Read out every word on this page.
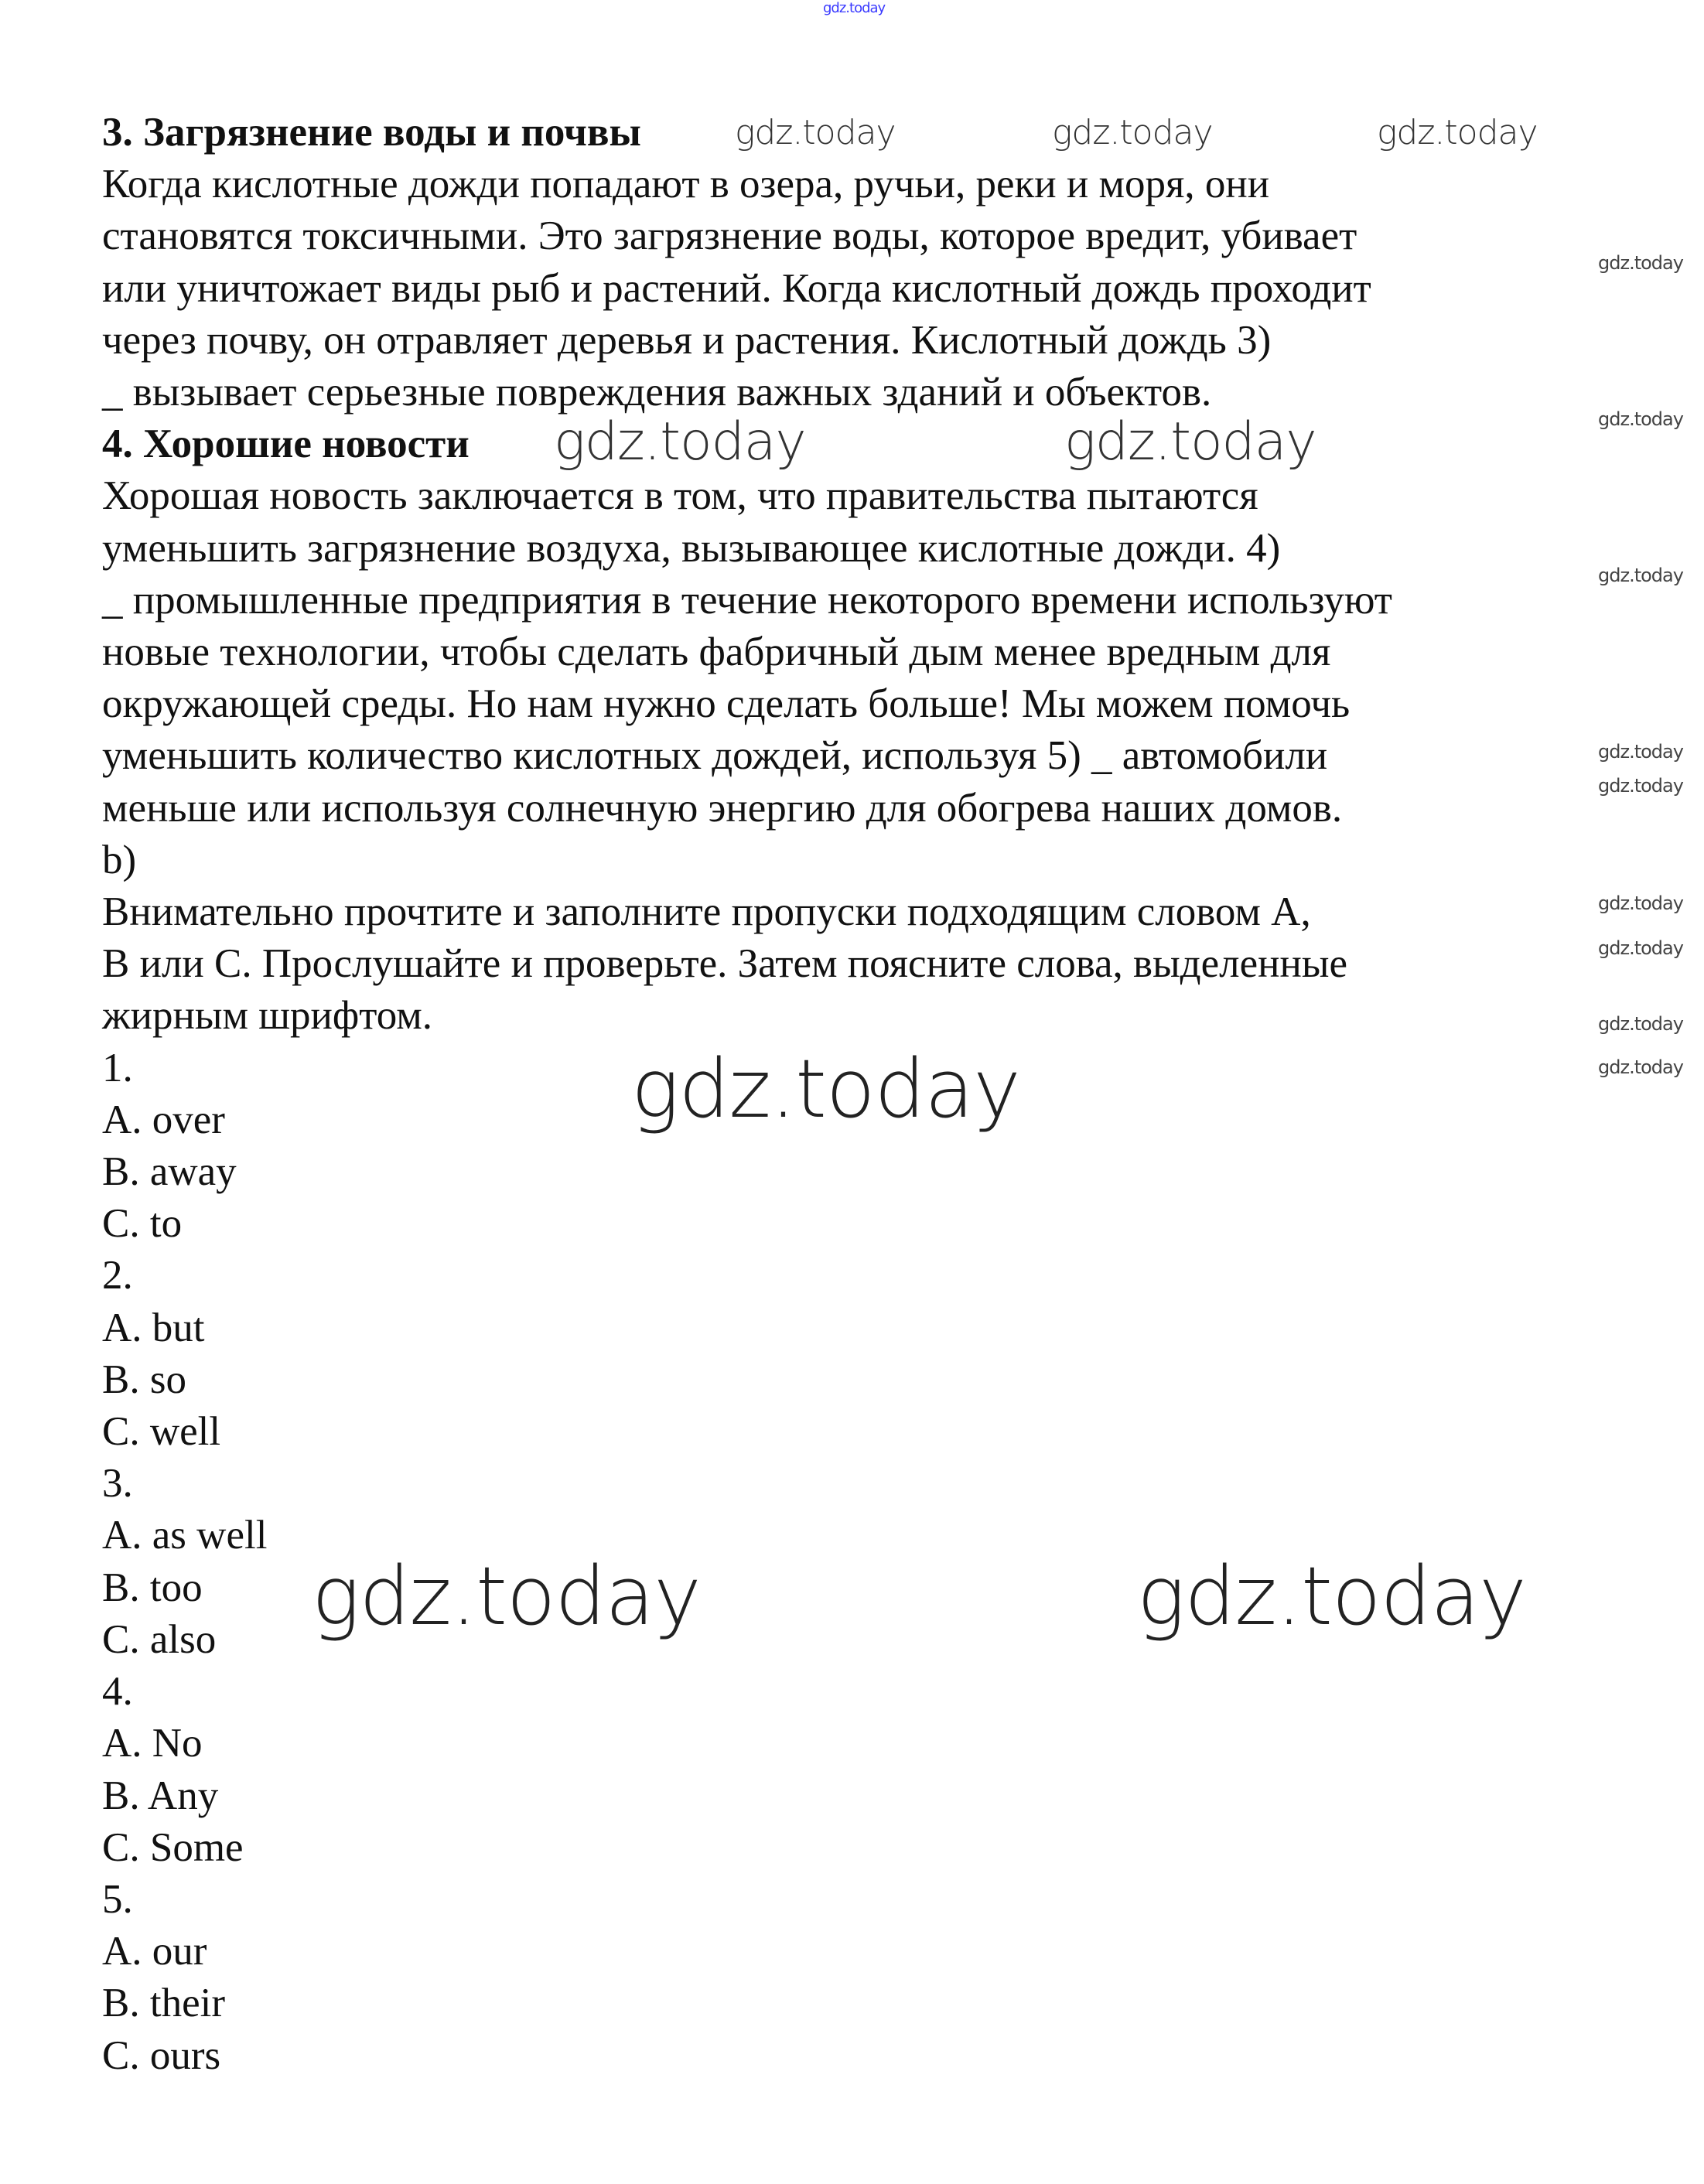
3. Загрязнение воды и почвы
Когда кислотные дожди попадают в озера, ручьи, реки и моря, они
становятся токсичными. Это загрязнение воды, которое вредит, убивает
или уничтожает виды рыб и растений. Когда кислотный дождь проходит
через почву, он отравляет деревья и растения. Кислотный дождь 3)
_ вызывает серьезные повреждения важных зданий и объектов.
4. Хорошие новости
Хорошая новость заключается в том, что правительства пытаются
уменьшить загрязнение воздуха, вызывающее кислотные дожди. 4)
_ промышленные предприятия в течение некоторого времени используют
новые технологии, чтобы сделать фабричный дым менее вредным для
окружающей среды. Но нам нужно сделать больше! Мы можем помочь
уменьшить количество кислотных дождей, используя 5) _ автомобили
меньше или используя солнечную энергию для обогрева наших домов.
b)
Внимательно прочтите и заполните пропуски подходящим словом A,
B или C. Прослушайте и проверьте. Затем поясните слова, выделенные
жирным шрифтом.
1.
A. over
B. away
C. to
2.
A. but
B. so
C. well
3.
A. as well
B. too
C. also
4.
A. No
B. Any
C. Some
5.
A. our
B. their
C. ours
gdz.today
gdz.today	gdz.today	gdz.today
gdz.today
gdz.today
gdz.today	gdz.today
gdz.today
gdz.today
gdz.today
gdz.today
gdz.today
gdz.today
gdz.today
gdz.today
gdz.today	gdz.today
